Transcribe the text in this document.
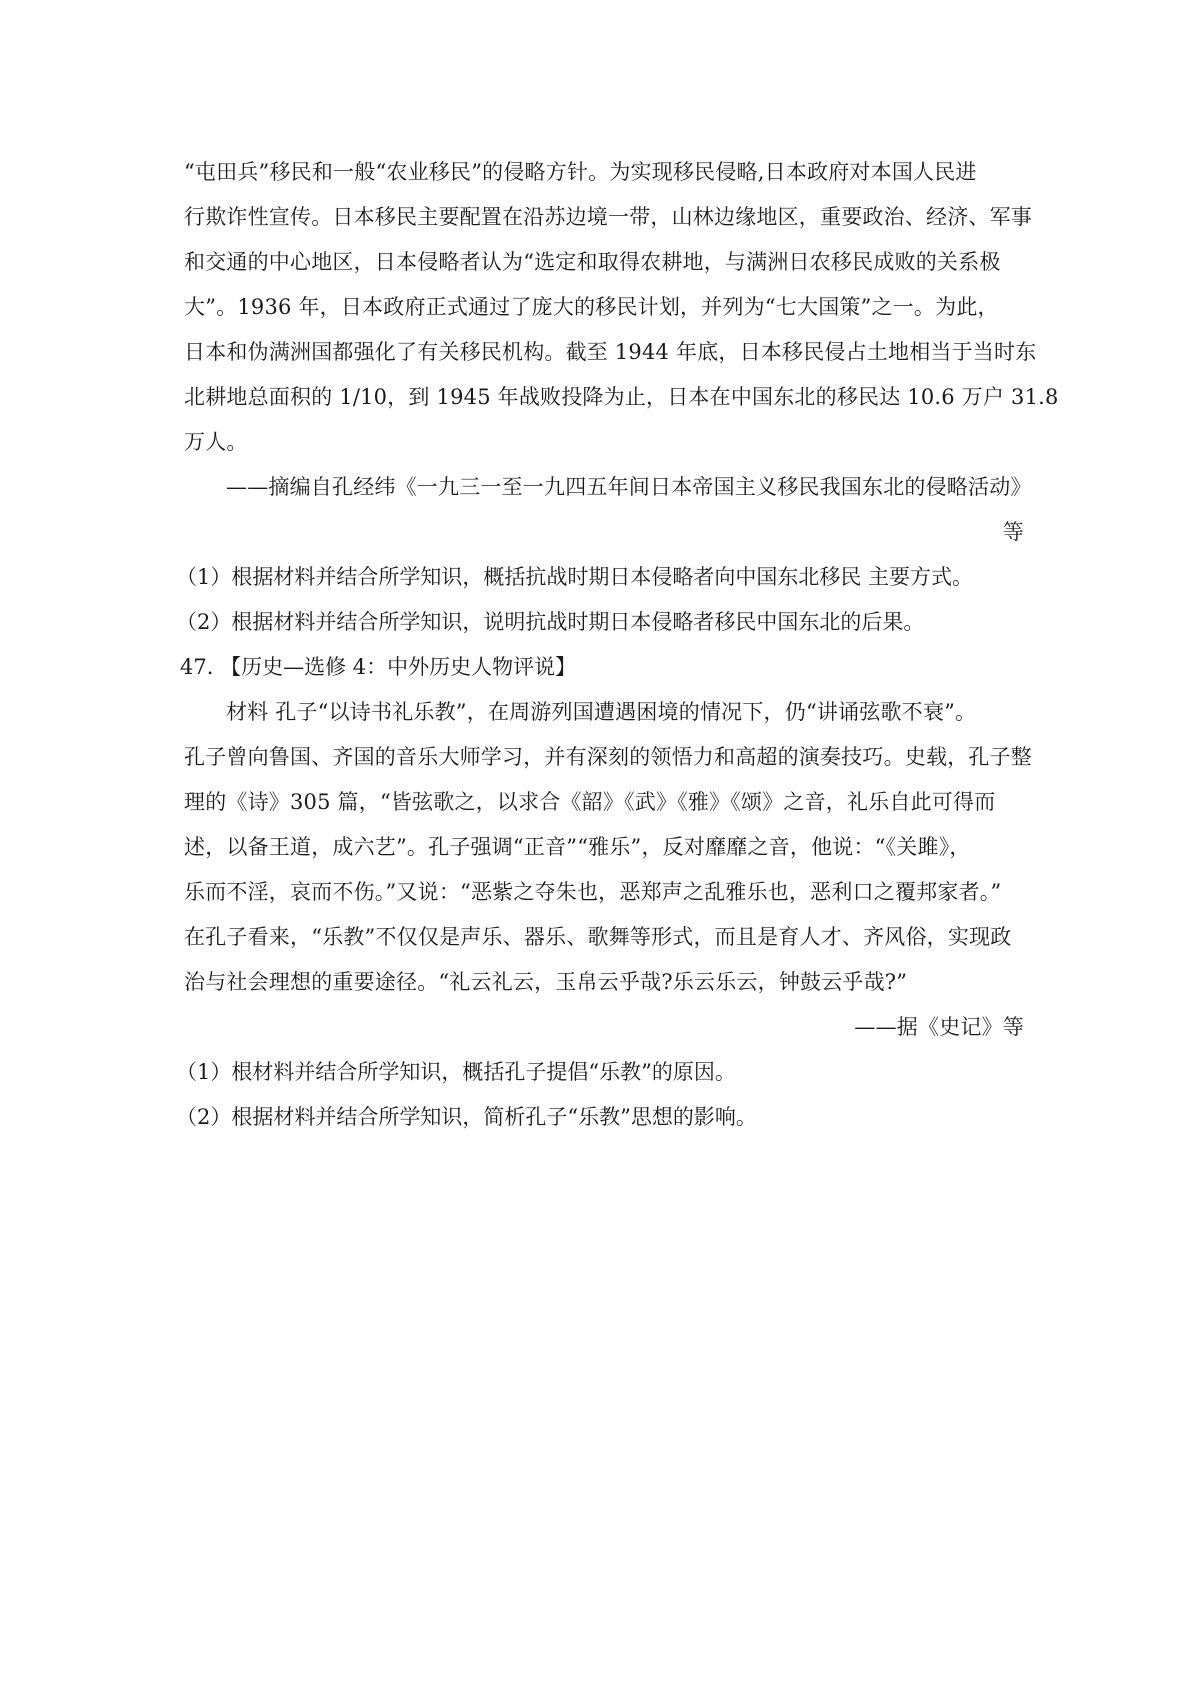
“屯田兵”移民和一般“农业移民”的侵略方针。为实现移民侵略,日本政府对本国人民进
行欺诈性宣传。日本移民主要配置在沿苏边境一带，山林边缘地区，重要政治、经济、军事
和交通的中心地区，日本侵略者认为“选定和取得农耕地，与满洲日农移民成败的关系极
大”。1936 年，日本政府正式通过了庞大的移民计划，并列为“七大国策”之一。为此，
日本和伪满洲国都强化了有关移民机构。截至 1944 年底，日本移民侵占土地相当于当时东
北耕地总面积的 1/10，到 1945 年战败投降为止，日本在中国东北的移民达 10.6 万户 31.8
万人。
——摘编自孔经纬《一九三一至一九四五年间日本帝国主义移民我国东北的侵略活动》
等
（1）根据材料并结合所学知识，概括抗战时期日本侵略者向中国东北移民 主要方式。
（2）根据材料并结合所学知识，说明抗战时期日本侵略者移民中国东北的后果。
47. 【历史—选修 4：中外历史人物评说】
材料 孔子“以诗书礼乐教”，在周游列国遭遇困境的情况下，仍“讲诵弦歌不衰”。
孔子曾向鲁国、齐国的音乐大师学习，并有深刻的领悟力和高超的演奏技巧。史载，孔子整
理的《诗》305 篇，“皆弦歌之，以求合《韶》《武》《雅》《颂》之音，礼乐自此可得而
述，以备王道，成六艺”。孔子强调“正音”“雅乐”，反对靡靡之音，他说：“《关雎》，
乐而不淫，哀而不伤。”又说：“恶紫之夺朱也，恶郑声之乱雅乐也，恶利口之覆邦家者。”
在孔子看来，“乐教”不仅仅是声乐、器乐、歌舞等形式，而且是育人才、齐风俗，实现政
治与社会理想的重要途径。“礼云礼云，玉帛云乎哉?乐云乐云，钟鼓云乎哉?”
——据《史记》等
（1）根材料并结合所学知识，概括孔子提倡“乐教”的原因。
（2）根据材料并结合所学知识，简析孔子“乐教”思想的影响。
